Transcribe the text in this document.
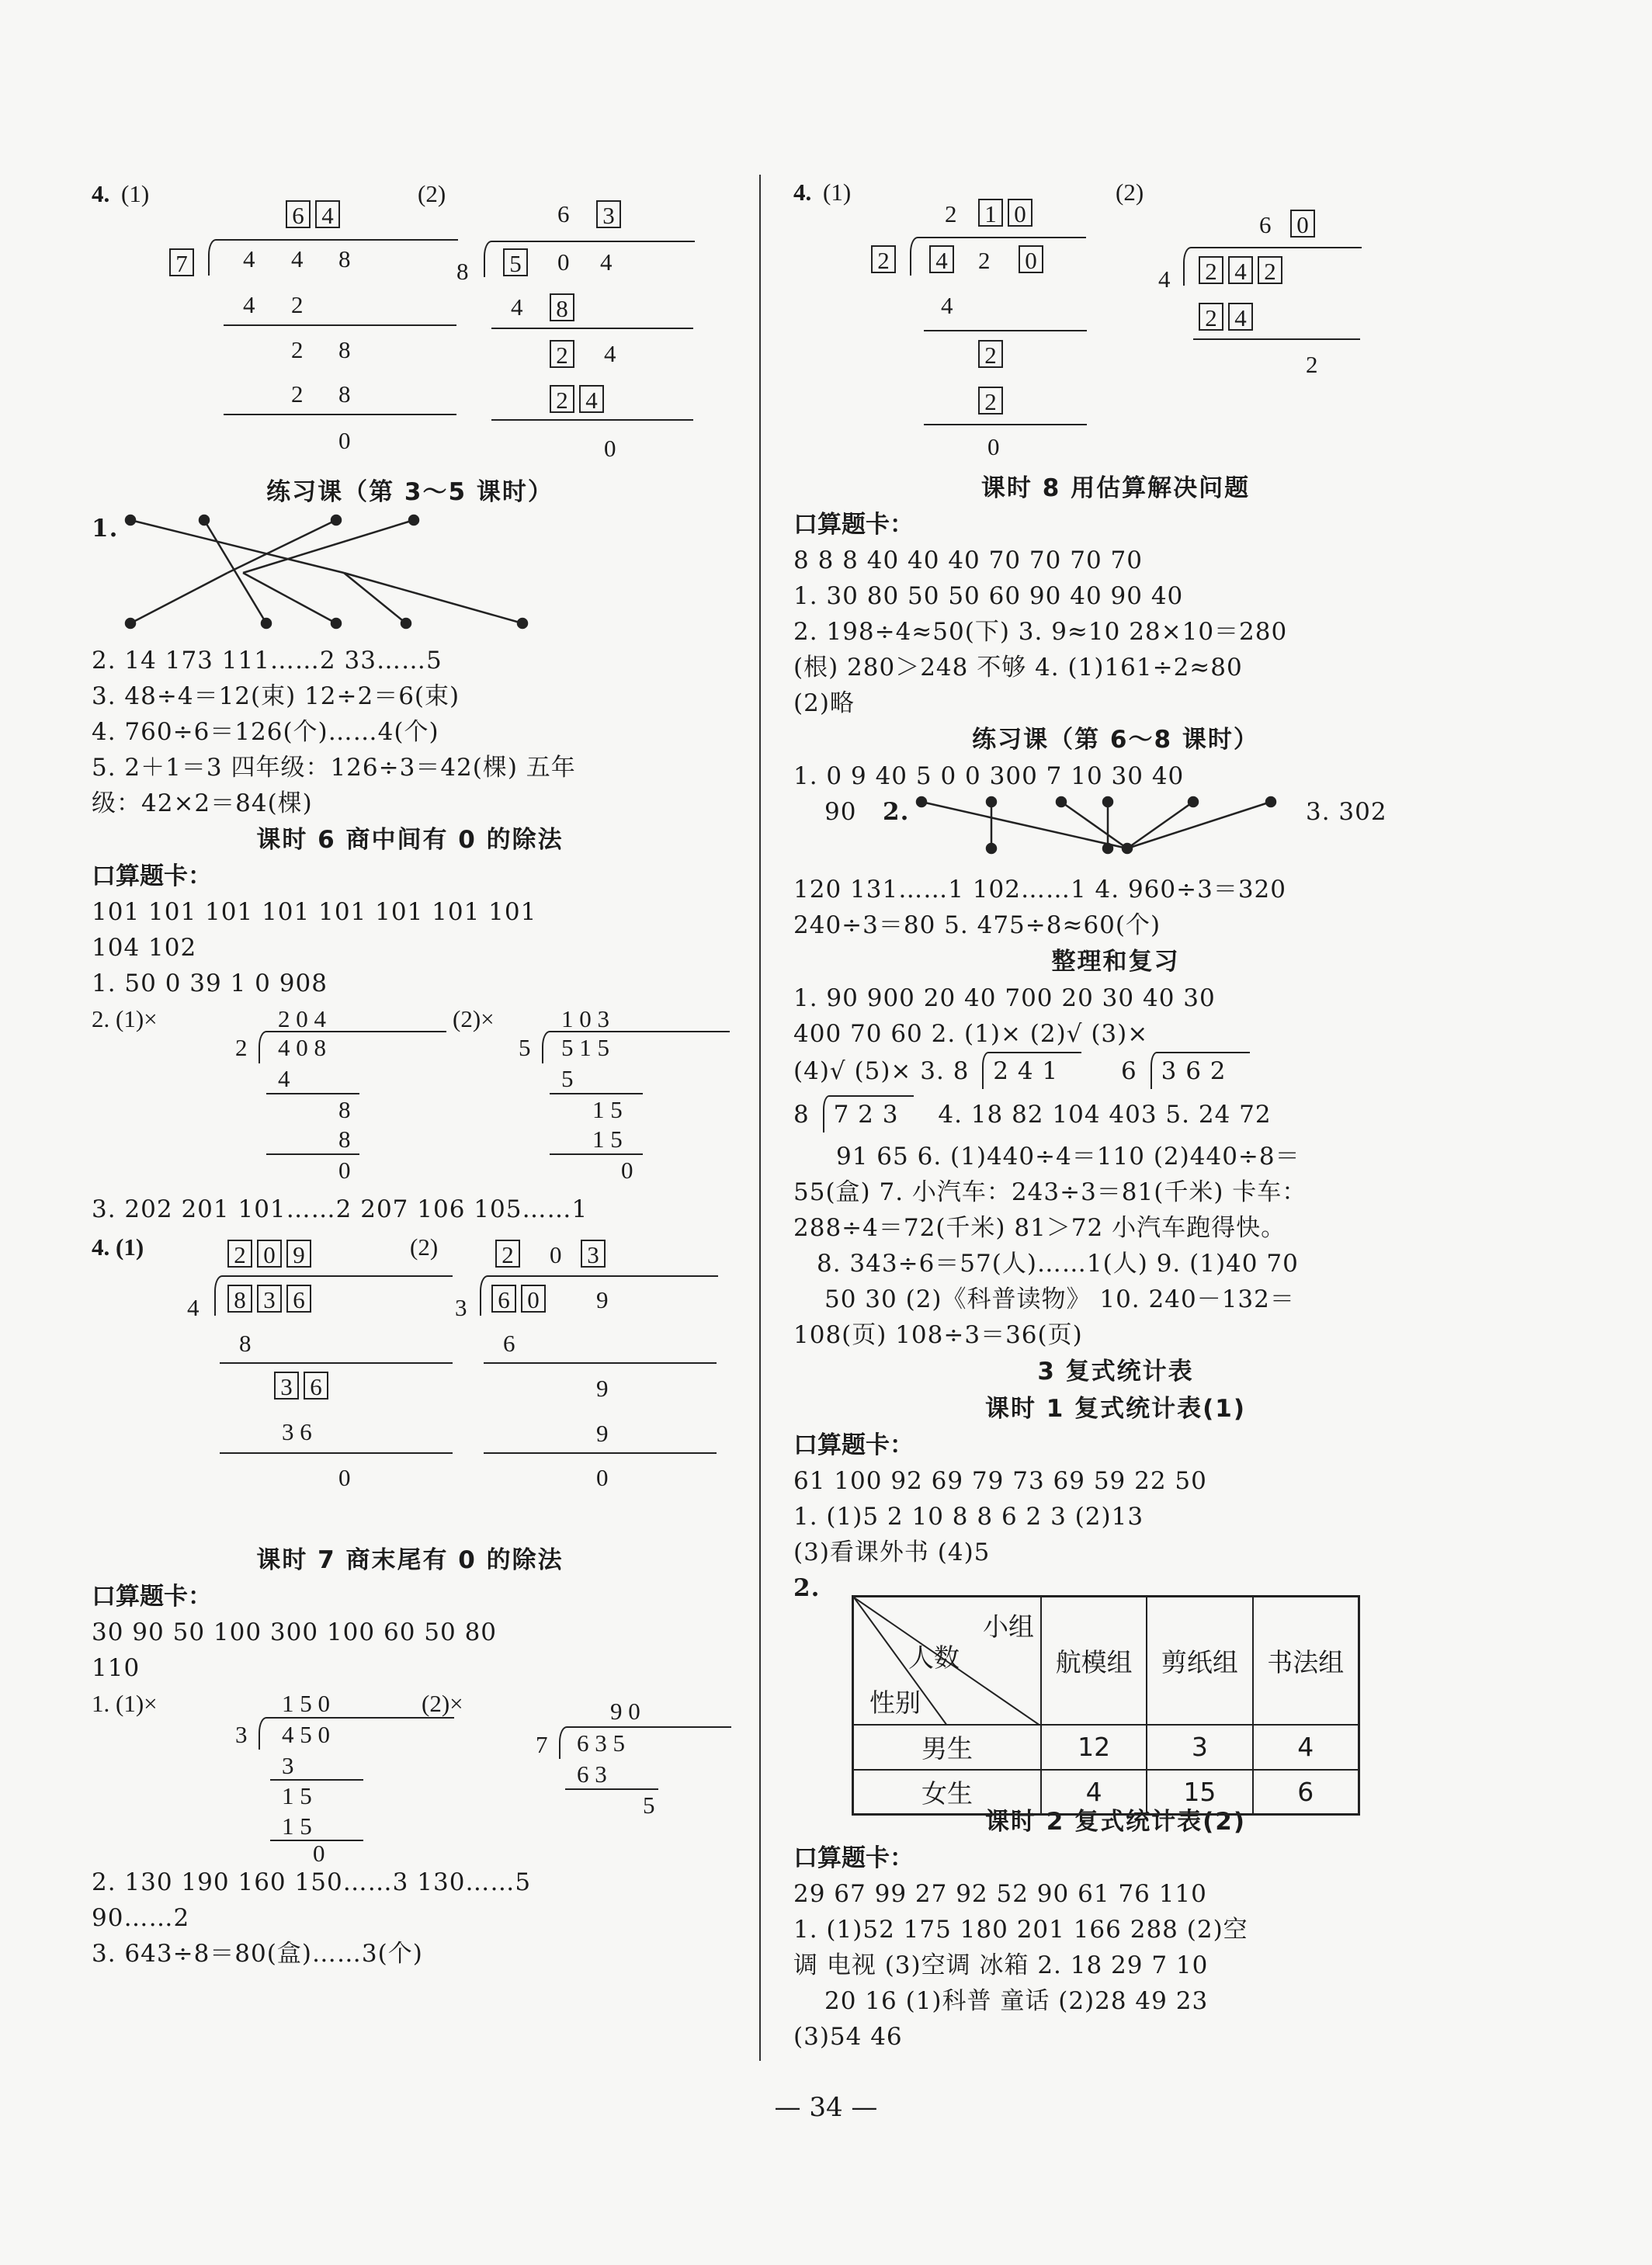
4. (1)
6 4
7	4 4 8
4 2
2 8
2 8
0
(2)
6 3
8 5	0 4
4 8
2	4
2 4
0
练习课（第 3～5 课时）
1.
2. 14 173 111……2 33……5
3. 48÷4＝12(束) 12÷2＝6(束)
4. 760÷6＝126(个)……4(个)
5. 2＋1＝3 四年级：126÷3＝42(棵) 五年
级：42×2＝84(棵)
课时 6 商中间有 0 的除法
口算题卡：
101 101 101 101 101 101 101 101
104 102
1. 50 0 39 1 0 908
2. (1)×	2 0 4
2 4 0 8
4
8
8
0
(2)×	1 0 3
5 5 1 5
5
1 5
1 5
0
3. 202 201 101……2 207 106 105……1
4. (1)	2 0 9
4 8 3 6
8
3 6
3 6
0
(2)	2	0 3
3 6 0	9
6
9
9
0
课时 7 商末尾有 0 的除法
口算题卡：
30 90 50 100 300 100 60 50 80
110
1. (1)×	1 5 0
3 4 5 0
3
1 5
1 5
0
(2)×	9 0
7 6 3 5
6 3
5
2. 130 190 160 150……3 130……5
90……2
3. 643÷8＝80(盒)……3(个)
4. (1)
2 1 0
2	4	2 0
4
2
2
0
(2)
6 0
4 2 4 2
2 4
2
课时 8 用估算解决问题
口算题卡：
8 8 8 40 40 40 70 70 70 70
1. 30 80 50 50 60 90 40 90 40
2. 198÷4≈50(下) 3. 9≈10 28×10＝280
(根) 280＞248 不够 4. (1)161÷2≈80
(2)略
练习课（第 6～8 课时）
1. 0 9 40 5 0 0 300 7 10 30 40
90 2.	3. 302
120 131……1 102……1 4. 960÷3＝320
240÷3＝80 5. 475÷8≈60(个)
整理和复习
1. 90 900 20 40 700 20 30 40 30
400 70 60 2. (1)× (2)√ (3)×
(4)√ (5)× 3. 8 2 4 1	6 3 6 2
8 7 2 3 4. 18 82 104 403 5. 24 72
91 65 6. (1)440÷4＝110 (2)440÷8＝
55(盒) 7. 小汽车：243÷3＝81(千米) 卡车：
288÷4＝72(千米) 81＞72 小汽车跑得快。
8. 343÷6＝57(人)……1(人) 9. (1)40 70
50 30 (2)《科普读物》 10. 240－132＝
108(页) 108÷3＝36(页)
3 复式统计表
课时 1 复式统计表(1)
口算题卡：
61 100 92 69 79 73 69 59 22 50
1. (1)5 2 10 8 8 6 2 3 (2)13
(3)看课外书 (4)5
2.
小组
人数
性别	航模组	剪纸组	书法组
男生	12	3	4
女生	4	15	6
课时 2 复式统计表(2)
口算题卡：
29 67 99 27 92 52 90 61 76 110
1. (1)52 175 180 201 166 288 (2)空
调 电视 (3)空调 冰箱 2. 18 29 7 10
20 16 (1)科普 童话 (2)28 49 23
(3)54 46
— 34 —
